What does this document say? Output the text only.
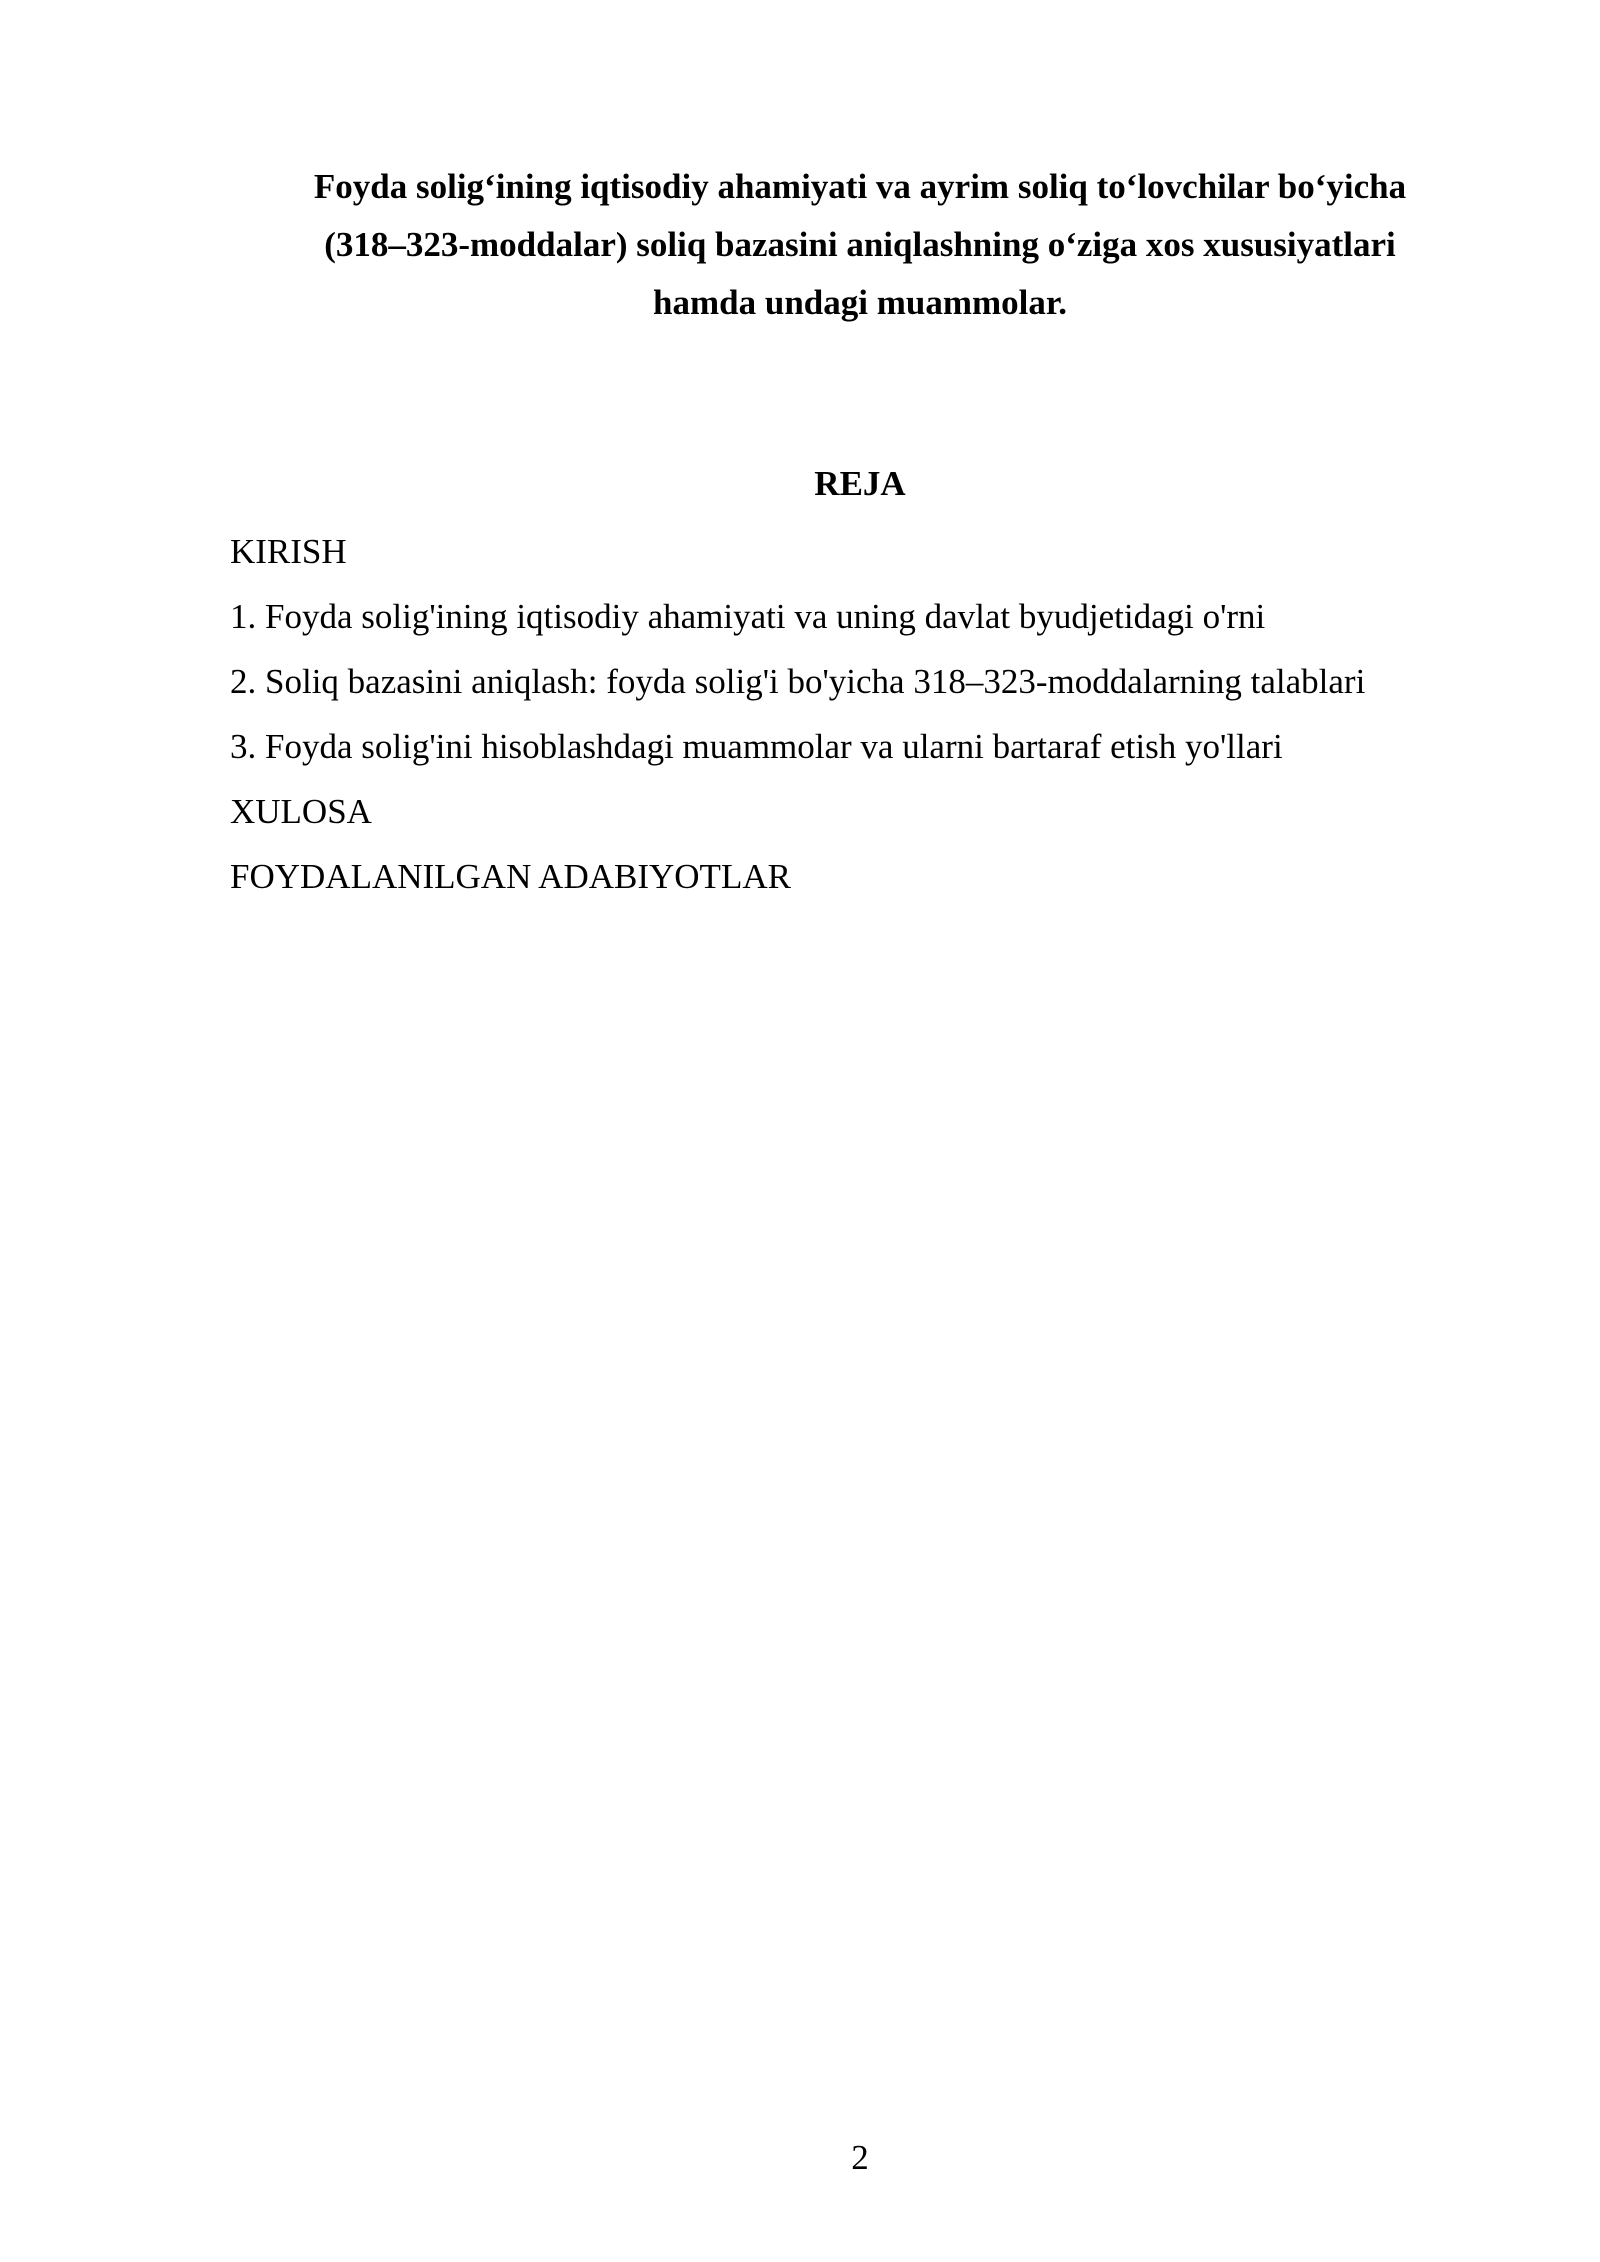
Foyda solig‘ining iqtisodiy ahamiyati va ayrim soliq to‘lovchilar bo‘yicha
(318–323-moddalar) soliq bazasini aniqlashning o‘ziga xos xususiyatlari
hamda undagi muammolar.
REJA
KIRISH
1. Foyda solig'ining iqtisodiy ahamiyati va uning davlat byudjetidagi o'rni
2. Soliq bazasini aniqlash: foyda solig'i bo'yicha 318–323-moddalarning talablari
3. Foyda solig'ini hisoblashdagi muammolar va ularni bartaraf etish yo'llari
XULOSA
FOYDALANILGAN ADABIYOTLAR

2
